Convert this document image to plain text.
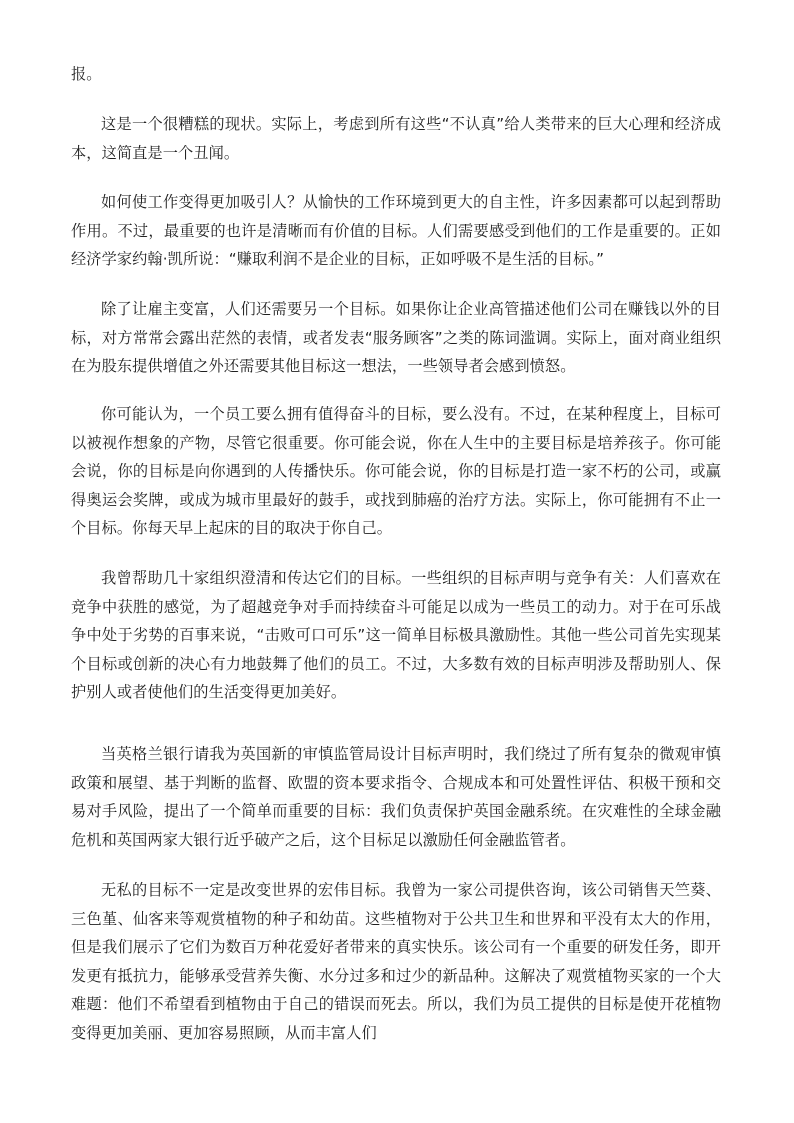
报。

这是一个很糟糕的现状。实际上，考虑到所有这些“不认真”给人类带来的巨大心理和经济成本，这简直是一个丑闻。

如何使工作变得更加吸引人？从愉快的工作环境到更大的自主性，许多因素都可以起到帮助作用。不过，最重要的也许是清晰而有价值的目标。人们需要感受到他们的工作是重要的。正如经济学家约翰·凯所说：“赚取利润不是企业的目标，正如呼吸不是生活的目标。”

除了让雇主变富，人们还需要另一个目标。如果你让企业高管描述他们公司在赚钱以外的目标，对方常常会露出茫然的表情，或者发表“服务顾客”之类的陈词滥调。实际上，面对商业组织在为股东提供增值之外还需要其他目标这一想法，一些领导者会感到愤怒。

你可能认为，一个员工要么拥有值得奋斗的目标，要么没有。不过，在某种程度上，目标可以被视作想象的产物，尽管它很重要。你可能会说，你在人生中的主要目标是培养孩子。你可能会说，你的目标是向你遇到的人传播快乐。你可能会说，你的目标是打造一家不朽的公司，或赢得奥运会奖牌，或成为城市里最好的鼓手，或找到肺癌的治疗方法。实际上，你可能拥有不止一个目标。你每天早上起床的目的取决于你自己。

我曾帮助几十家组织澄清和传达它们的目标。一些组织的目标声明与竞争有关：人们喜欢在竞争中获胜的感觉，为了超越竞争对手而持续奋斗可能足以成为一些员工的动力。对于在可乐战争中处于劣势的百事来说，“击败可口可乐”这一简单目标极具激励性。其他一些公司首先实现某个目标或创新的决心有力地鼓舞了他们的员工。不过，大多数有效的目标声明涉及帮助别人、保护别人或者使他们的生活变得更加美好。

当英格兰银行请我为英国新的审慎监管局设计目标声明时，我们绕过了所有复杂的微观审慎政策和展望、基于判断的监督、欧盟的资本要求指令、合规成本和可处置性评估、积极干预和交易对手风险，提出了一个简单而重要的目标：我们负责保护英国金融系统。在灾难性的全球金融危机和英国两家大银行近乎破产之后，这个目标足以激励任何金融监管者。

无私的目标不一定是改变世界的宏伟目标。我曾为一家公司提供咨询，该公司销售天竺葵、三色堇、仙客来等观赏植物的种子和幼苗。这些植物对于公共卫生和世界和平没有太大的作用，但是我们展示了它们为数百万种花爱好者带来的真实快乐。该公司有一个重要的研发任务，即开发更有抵抗力，能够承受营养失衡、水分过多和过少的新品种。这解决了观赏植物买家的一个大难题：他们不希望看到植物由于自己的错误而死去。所以，我们为员工提供的目标是使开花植物变得更加美丽、更加容易照顾，从而丰富人们
